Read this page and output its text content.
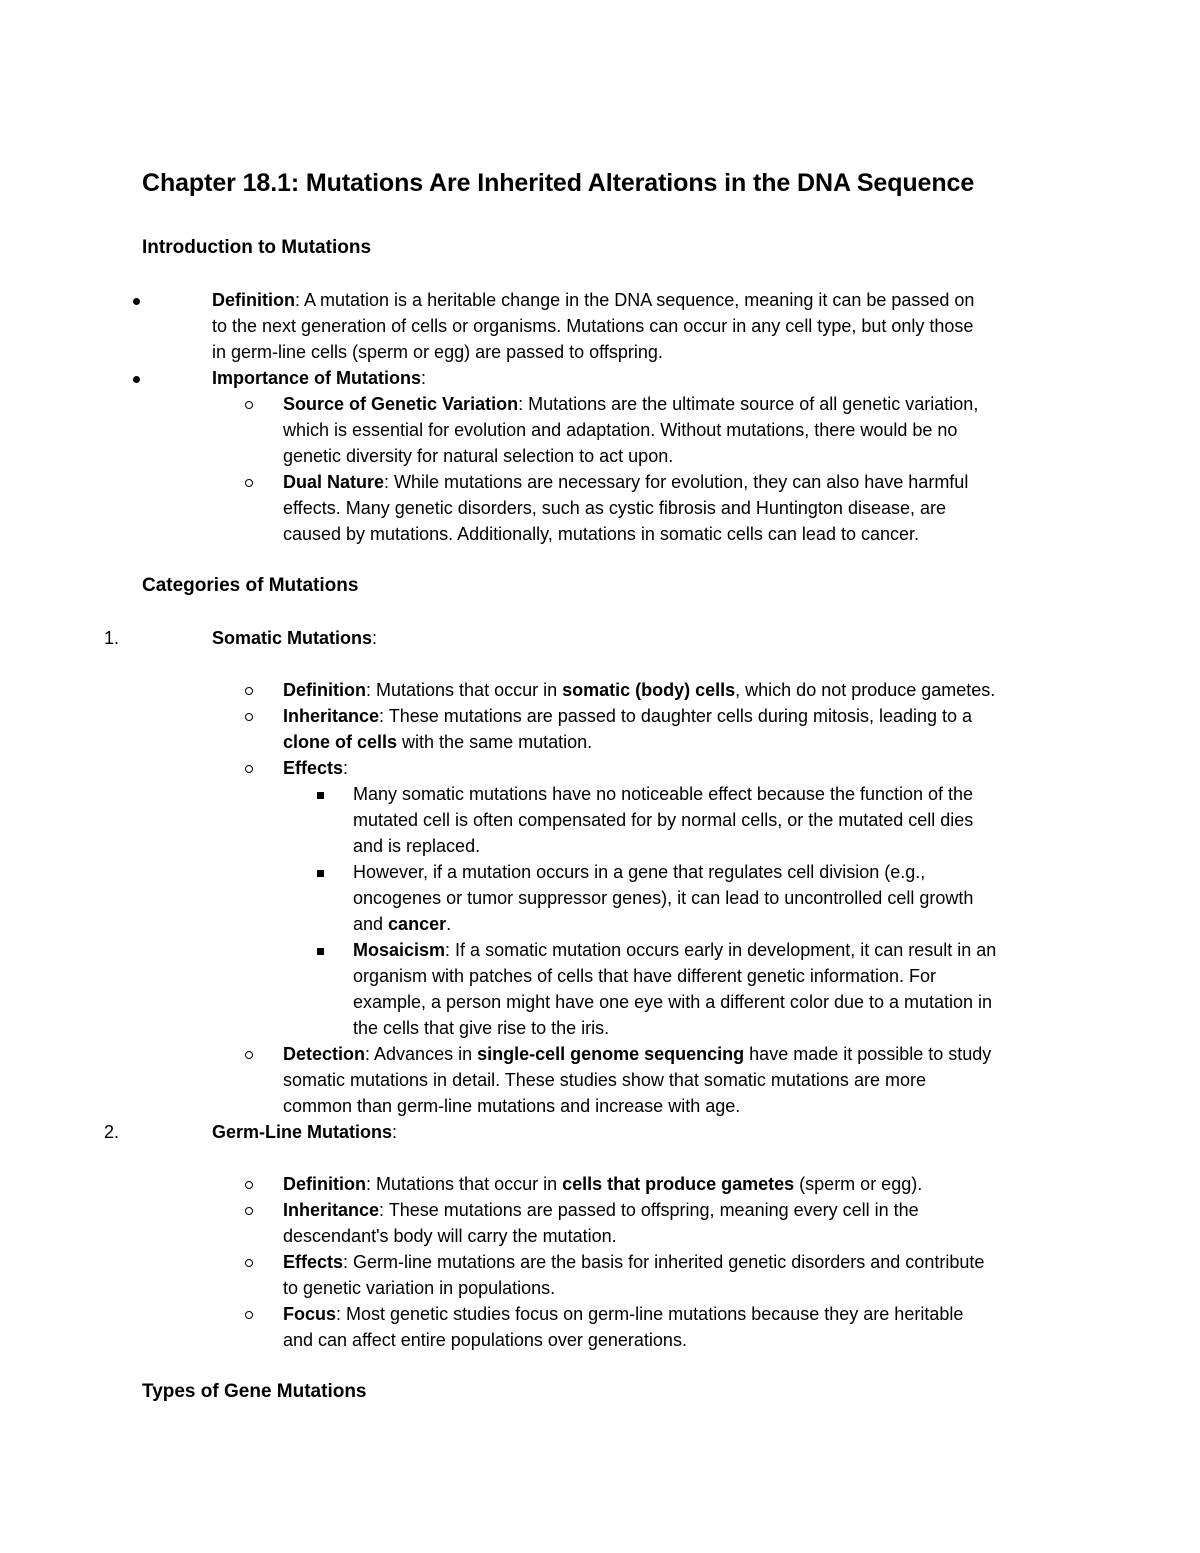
Chapter 18.1: Mutations Are Inherited Alterations in the DNA Sequence
Introduction to Mutations
Definition: A mutation is a heritable change in the DNA sequence, meaning it can be passed on
to the next generation of cells or organisms. Mutations can occur in any cell type, but only those
in germ-line cells (sperm or egg) are passed to offspring.
Importance of Mutations:
Source of Genetic Variation: Mutations are the ultimate source of all genetic variation,
which is essential for evolution and adaptation. Without mutations, there would be no
genetic diversity for natural selection to act upon.
Dual Nature: While mutations are necessary for evolution, they can also have harmful
effects. Many genetic disorders, such as cystic fibrosis and Huntington disease, are
caused by mutations. Additionally, mutations in somatic cells can lead to cancer.
Categories of Mutations
1.	Somatic Mutations:
Definition: Mutations that occur in somatic (body) cells, which do not produce gametes.
Inheritance: These mutations are passed to daughter cells during mitosis, leading to a
clone of cells with the same mutation.
Effects:
Many somatic mutations have no noticeable effect because the function of the
mutated cell is often compensated for by normal cells, or the mutated cell dies
and is replaced.
However, if a mutation occurs in a gene that regulates cell division (e.g.,
oncogenes or tumor suppressor genes), it can lead to uncontrolled cell growth
and cancer.
Mosaicism: If a somatic mutation occurs early in development, it can result in an
organism with patches of cells that have different genetic information. For
example, a person might have one eye with a different color due to a mutation in
the cells that give rise to the iris.
Detection: Advances in single-cell genome sequencing have made it possible to study
somatic mutations in detail. These studies show that somatic mutations are more
common than germ-line mutations and increase with age.
2.	Germ-Line Mutations:
Definition: Mutations that occur in cells that produce gametes (sperm or egg).
Inheritance: These mutations are passed to offspring, meaning every cell in the
descendant's body will carry the mutation.
Effects: Germ-line mutations are the basis for inherited genetic disorders and contribute
to genetic variation in populations.
Focus: Most genetic studies focus on germ-line mutations because they are heritable
and can affect entire populations over generations.
Types of Gene Mutations
